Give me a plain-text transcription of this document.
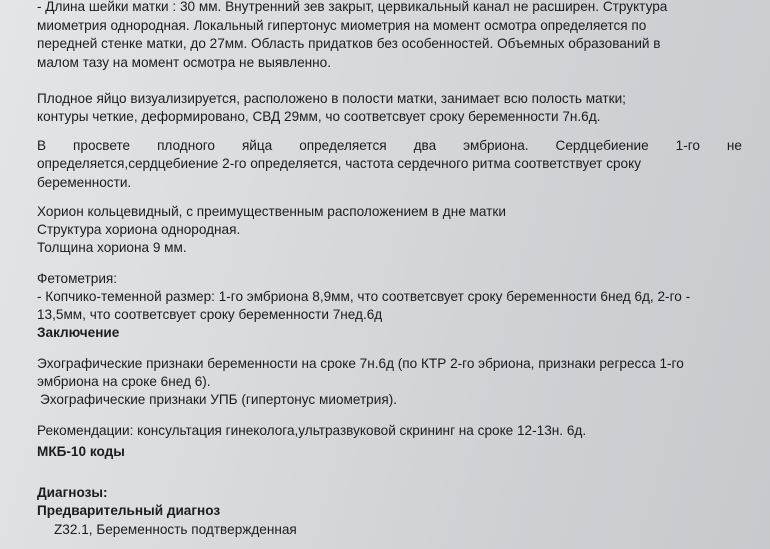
- Длина шейки матки : 30 мм. Внутренний зев закрыт, цервикальный канал не расширен. Структура
миометрия однородная. Локальный гипертонус миометрия на момент осмотра определяется по
передней стенке матки, до 27мм. Область придатков без особенностей. Объемных образований в
малом тазу на момент осмотра не выявленно.
Плодное яйцо визуализируется, расположено в полости матки, занимает всю полость матки;
контуры четкие, деформировано, СВД 29мм, чо соответсвует сроку беременности 7н.6д.
В просвете плодного яйца определяется два эмбриона. Сердцебиение 1-го не
определяется,сердцебиение 2-го определяется, частота сердечного ритма соответствует сроку
беременности.
Хорион кольцевидный, с преимущественным расположением в дне матки
Структура хориона однородная.
Толщина хориона 9 мм.
Фетометрия:
- Копчико-теменной размер: 1-го эмбриона 8,9мм, что соответсвует сроку беременности 6нед 6д, 2-го -
13,5мм, что соответсвует сроку беременности 7нед.6д
Заключение
Эхографические признаки беременности на сроке 7н.6д (по КТР 2-го эбриона, признаки регресса 1-го
эмбриона на сроке 6нед 6).
Эхографические признаки УПБ (гипертонус миометрия).
Рекомендации: консультация гинеколога,ультразвуковой скрининг на сроке 12-13н. 6д.
МКБ-10 коды
Диагнозы:
Предварительный диагноз
Z32.1, Беременность подтвержденная
